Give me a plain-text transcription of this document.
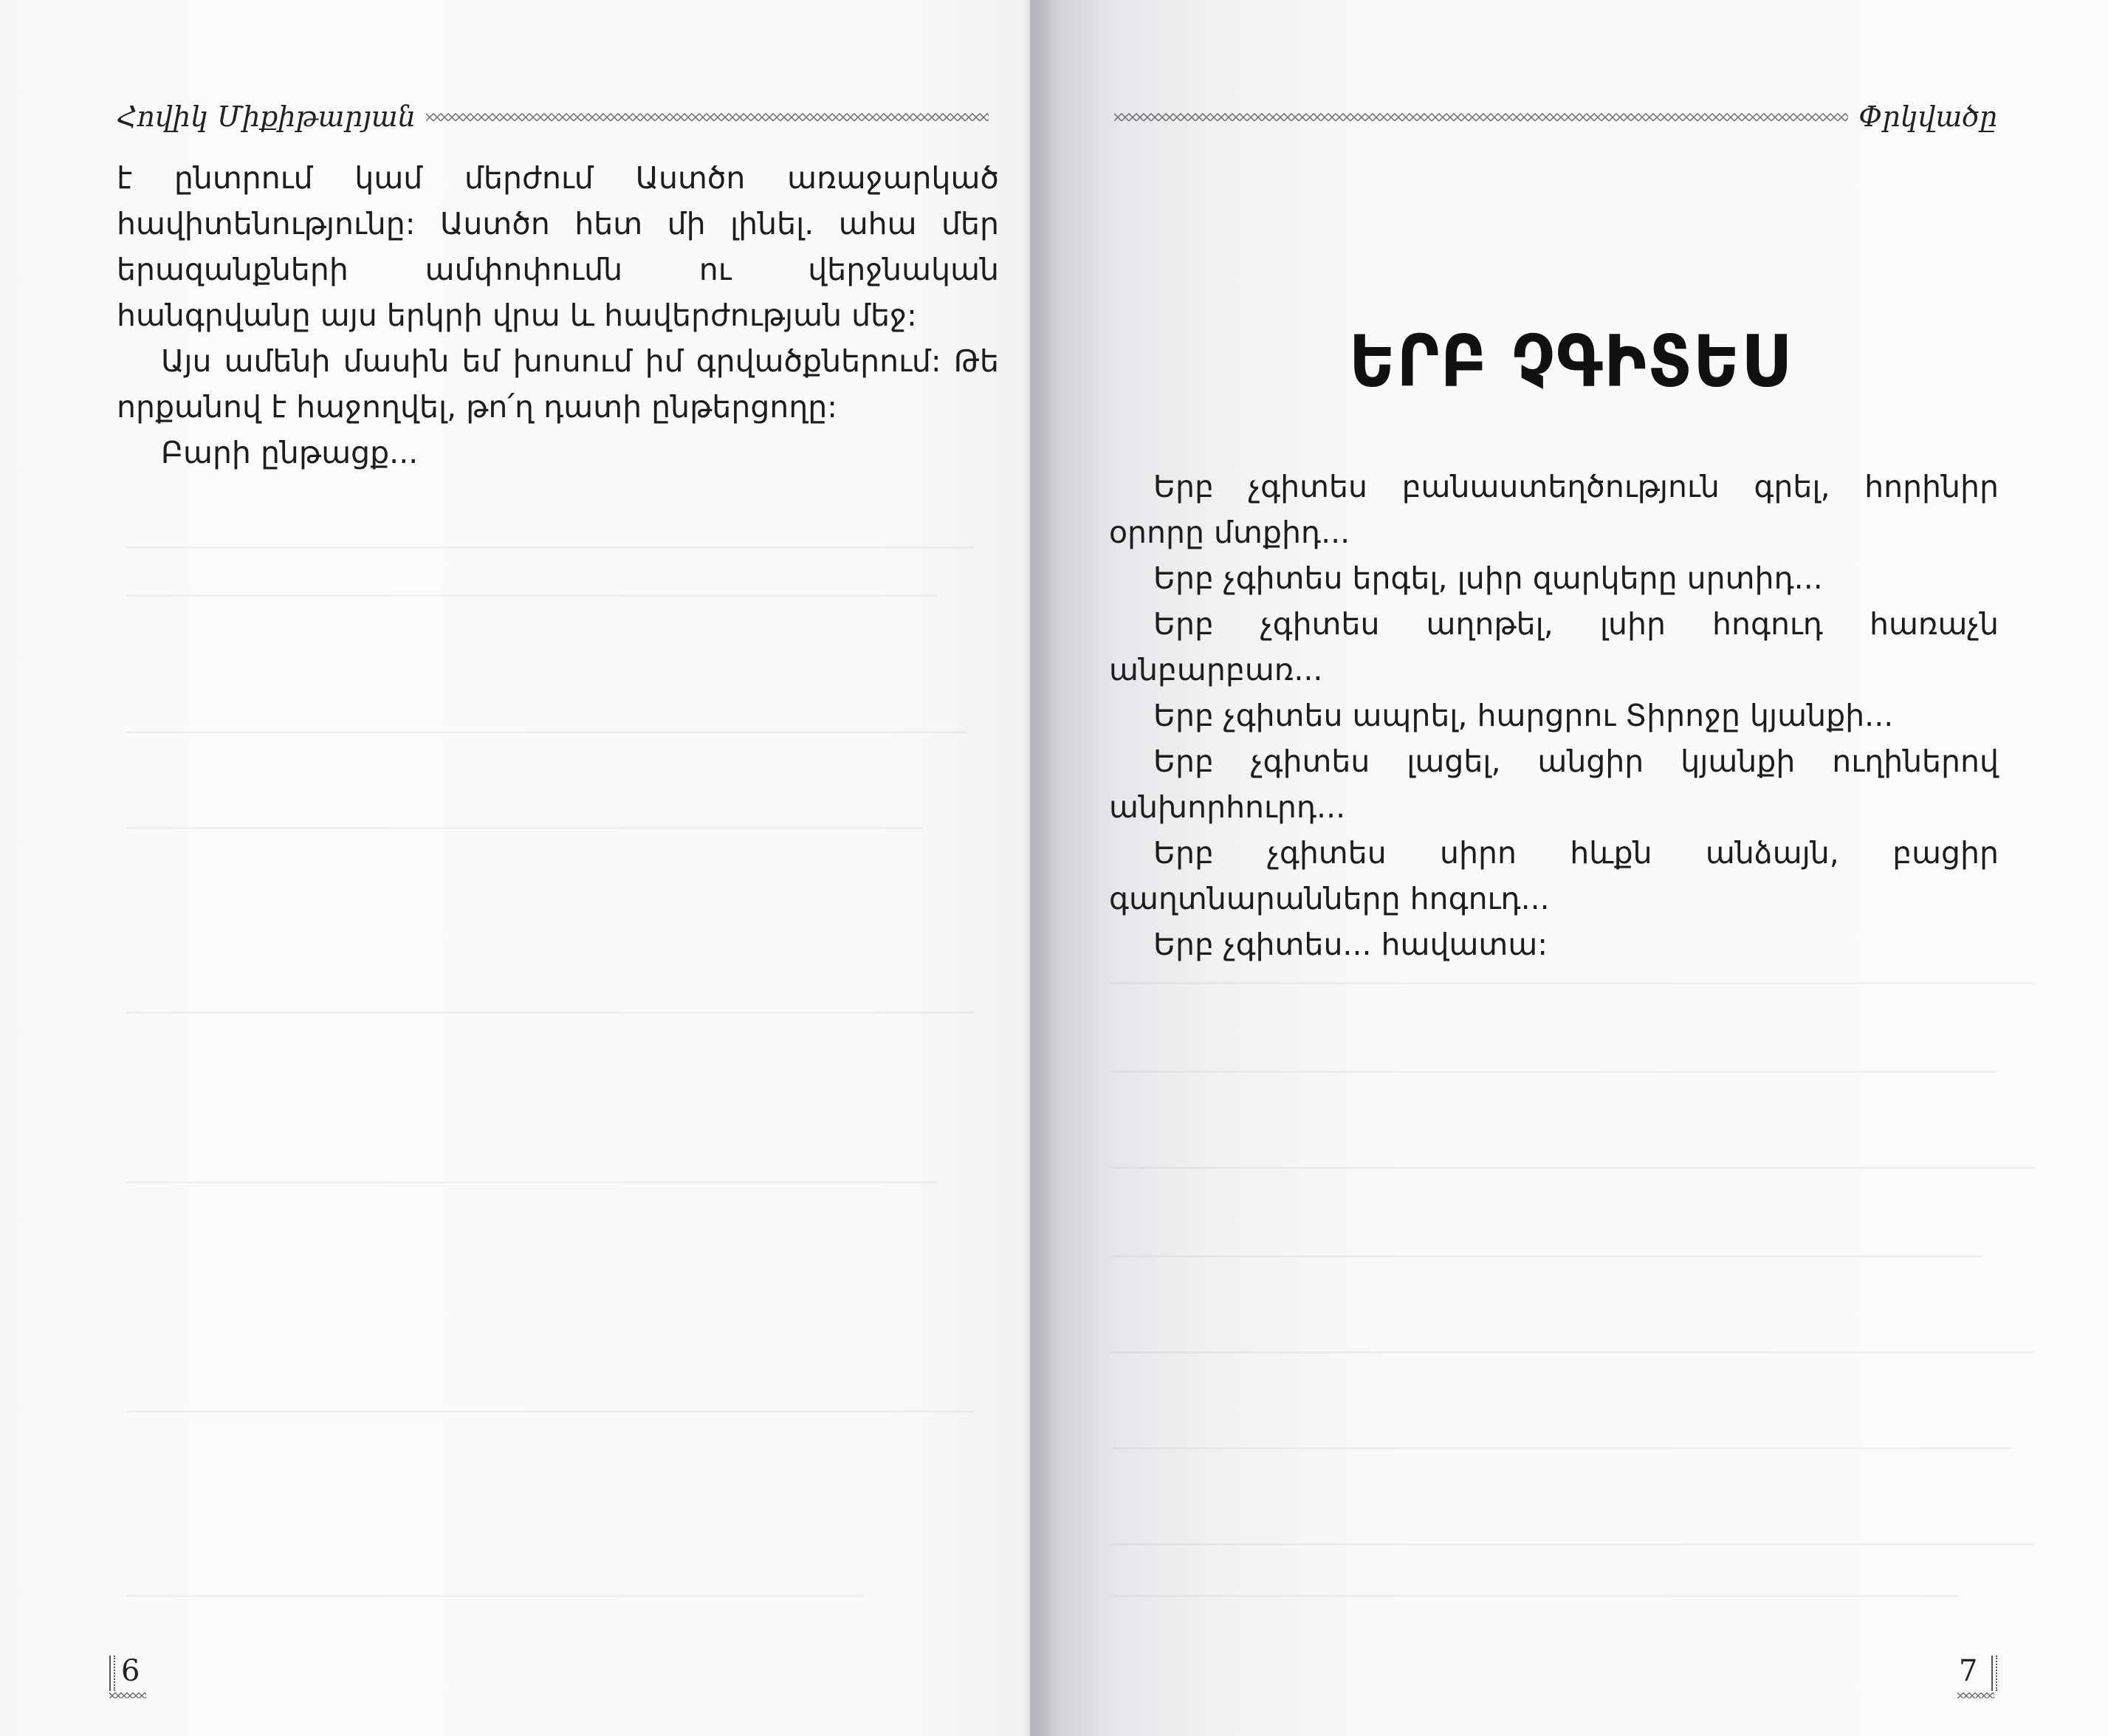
Հովիկ Միքիթարյան

է ընտրում կամ մերժում Աստծո առաջարկած հավիտենությունը: Աստծո հետ մի լինել. ահա մեր երազանքների ամփոփումն ու վերջնական հանգրվանը այս երկրի վրա և հավերժության մեջ:

Այս ամենի մասին եմ խոսում իմ գրվածքներում: Թե որքանով է հաջողվել, թո՛ղ դատի ընթերցողը:

Բարի ընթացք...

6
Փրկվածը
ԵՐԲ ՉԳԻՏԵՍ

Երբ չգիտես բանաստեղծություն գրել, հորինիր օրորը մտքիդ...

Երբ չգիտես երգել, լսիր զարկերը սրտիդ...

Երբ չգիտես աղոթել, լսիր հոգուդ հառաչն անբարբառ...

Երբ չգիտես ապրել, հարցրու Տիրոջը կյանքի...

Երբ չգիտես լացել, անցիր կյանքի ուղիներով անխորհուրդ...

Երբ չգիտես սիրո հևքն անձայն, բացիր գաղտնարանները հոգուդ...

Երբ չգիտես... հավատա:

7
